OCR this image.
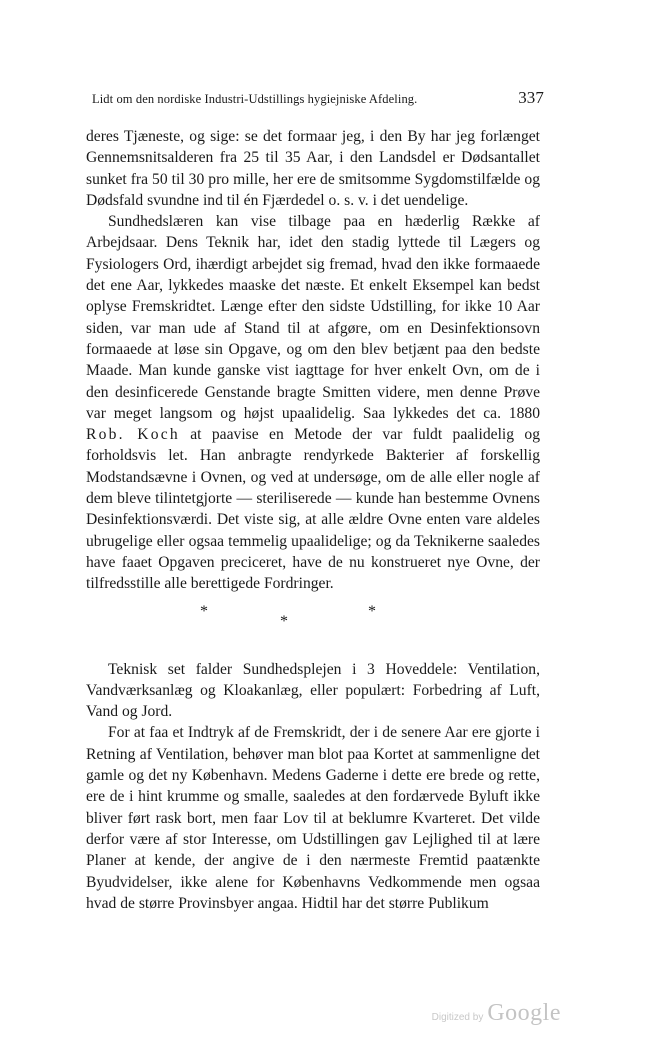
Lidt om den nordiske Industri-Udstillings hygiejniske Afdeling.	337

deres Tjæneste, og sige: se det formaar jeg, i den By har jeg forlænget Gennemsnitsalderen fra 25 til 35 Aar, i den Landsdel er Dødsantallet sunket fra 50 til 30 pro mille, her ere de smitsomme Sygdomstilfælde og Dødsfald svundne ind til én Fjærdedel o. s. v. i det uendelige.

Sundhedslæren kan vise tilbage paa en hæderlig Række af Arbejdsaar. Dens Teknik har, idet den stadig lyttede til Lægers og Fysiologers Ord, ihærdigt arbejdet sig fremad, hvad den ikke formaaede det ene Aar, lykkedes maaske det næste. Et enkelt Eksempel kan bedst oplyse Fremskridtet. Længe efter den sidste Udstilling, for ikke 10 Aar siden, var man ude af Stand til at afgøre, om en Desinfektionsovn formaaede at løse sin Opgave, og om den blev betjænt paa den bedste Maade. Man kunde ganske vist iagttage for hver enkelt Ovn, om de i den desinficerede Genstande bragte Smitten videre, men denne Prøve var meget langsom og højst upaalidelig. Saa lykkedes det ca. 1880 Rob. Koch at paavise en Metode der var fuldt paalidelig og forholdsvis let. Han anbragte rendyrkede Bakterier af forskellig Modstandsævne i Ovnen, og ved at undersøge, om de alle eller nogle af dem bleve tilintetgjorte — steriliserede — kunde han bestemme Ovnens Desinfektionsværdi. Det viste sig, at alle ældre Ovne enten vare aldeles ubrugelige eller ogsaa temmelig upaalidelige; og da Teknikerne saaledes have faaet Opgaven preciceret, have de nu konstrueret nye Ovne, der tilfredsstille alle berettigede Fordringer.

*
*
*

Teknisk set falder Sundhedsplejen i 3 Hoveddele: Ventilation, Vandværksanlæg og Kloakanlæg, eller populært: Forbedring af Luft, Vand og Jord.

For at faa et Indtryk af de Fremskridt, der i de senere Aar ere gjorte i Retning af Ventilation, behøver man blot paa Kortet at sammenligne det gamle og det ny København. Medens Gaderne i dette ere brede og rette, ere de i hint krumme og smalle, saaledes at den fordærvede Byluft ikke bliver ført rask bort, men faar Lov til at beklumre Kvarteret. Det vilde derfor være af stor Interesse, om Udstillingen gav Lejlighed til at lære Planer at kende, der angive de i den nærmeste Fremtid paatænkte Byudvidelser, ikke alene for Københavns Vedkommende men ogsaa hvad de større Provinsbyer angaa. Hidtil har det større Publikum

Digitized by Google
